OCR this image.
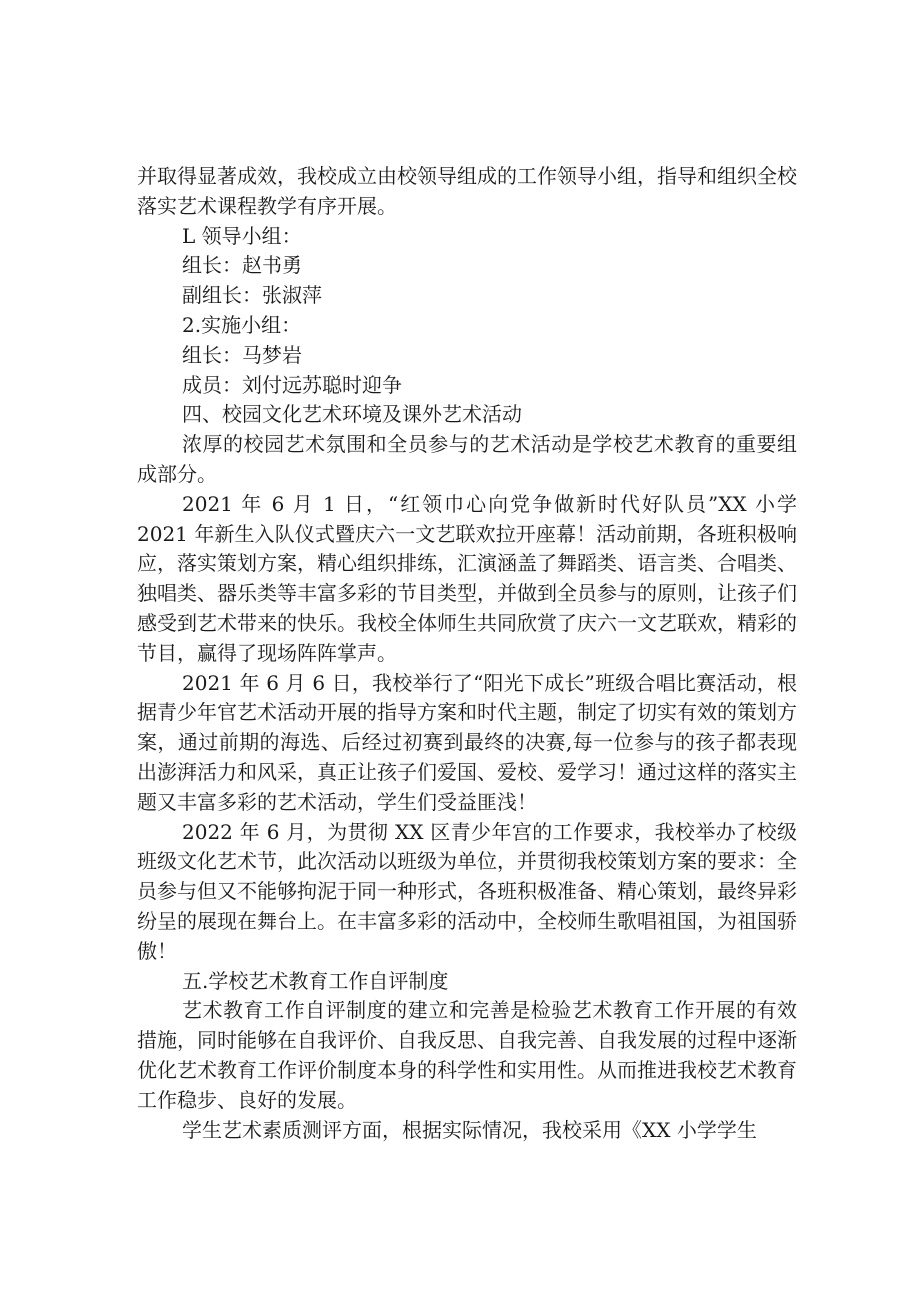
并取得显著成效，我校成立由校领导组成的工作领导小组，指导和组织全校落实艺术课程教学有序开展。

L 领导小组：

组长：赵书勇

副组长：张淑萍

2.实施小组：

组长：马梦岩

成员：刘付远苏聪时迎争

四、校园文化艺术环境及课外艺术活动

浓厚的校园艺术氛围和全员参与的艺术活动是学校艺术教育的重要组成部分。

2021 年 6 月 1 日，“红领巾心向党争做新时代好队员”XX 小学 2021 年新生入队仪式暨庆六一文艺联欢拉开座幕！活动前期，各班积极响应，落实策划方案，精心组织排练，汇演涵盖了舞蹈类、语言类、合唱类、独唱类、器乐类等丰富多彩的节目类型，并做到全员参与的原则，让孩子们感受到艺术带来的快乐。我校全体师生共同欣赏了庆六一文艺联欢，精彩的节目，赢得了现场阵阵掌声。

2021 年 6 月 6 日，我校举行了“阳光下成长”班级合唱比赛活动，根据青少年官艺术活动开展的指导方案和时代主题，制定了切实有效的策划方案，通过前期的海选、后经过初赛到最终的决赛,每一位参与的孩子都表现出澎湃活力和风采，真正让孩子们爱国、爱校、爱学习！通过这样的落实主题又丰富多彩的艺术活动，学生们受益匪浅！

2022 年 6 月，为贯彻 XX 区青少年宫的工作要求，我校举办了校级班级文化艺术节，此次活动以班级为单位，并贯彻我校策划方案的要求：全员参与但又不能够拘泥于同一种形式，各班积极准备、精心策划，最终异彩纷呈的展现在舞台上。在丰富多彩的活动中，全校师生歌唱祖国，为祖国骄傲！

五.学校艺术教育工作自评制度

艺术教育工作自评制度的建立和完善是检验艺术教育工作开展的有效措施，同时能够在自我评价、自我反思、自我完善、自我发展的过程中逐渐优化艺术教育工作评价制度本身的科学性和实用性。从而推进我校艺术教育工作稳步、良好的发展。

学生艺术素质测评方面，根据实际情况，我校采用《XX 小学学生
